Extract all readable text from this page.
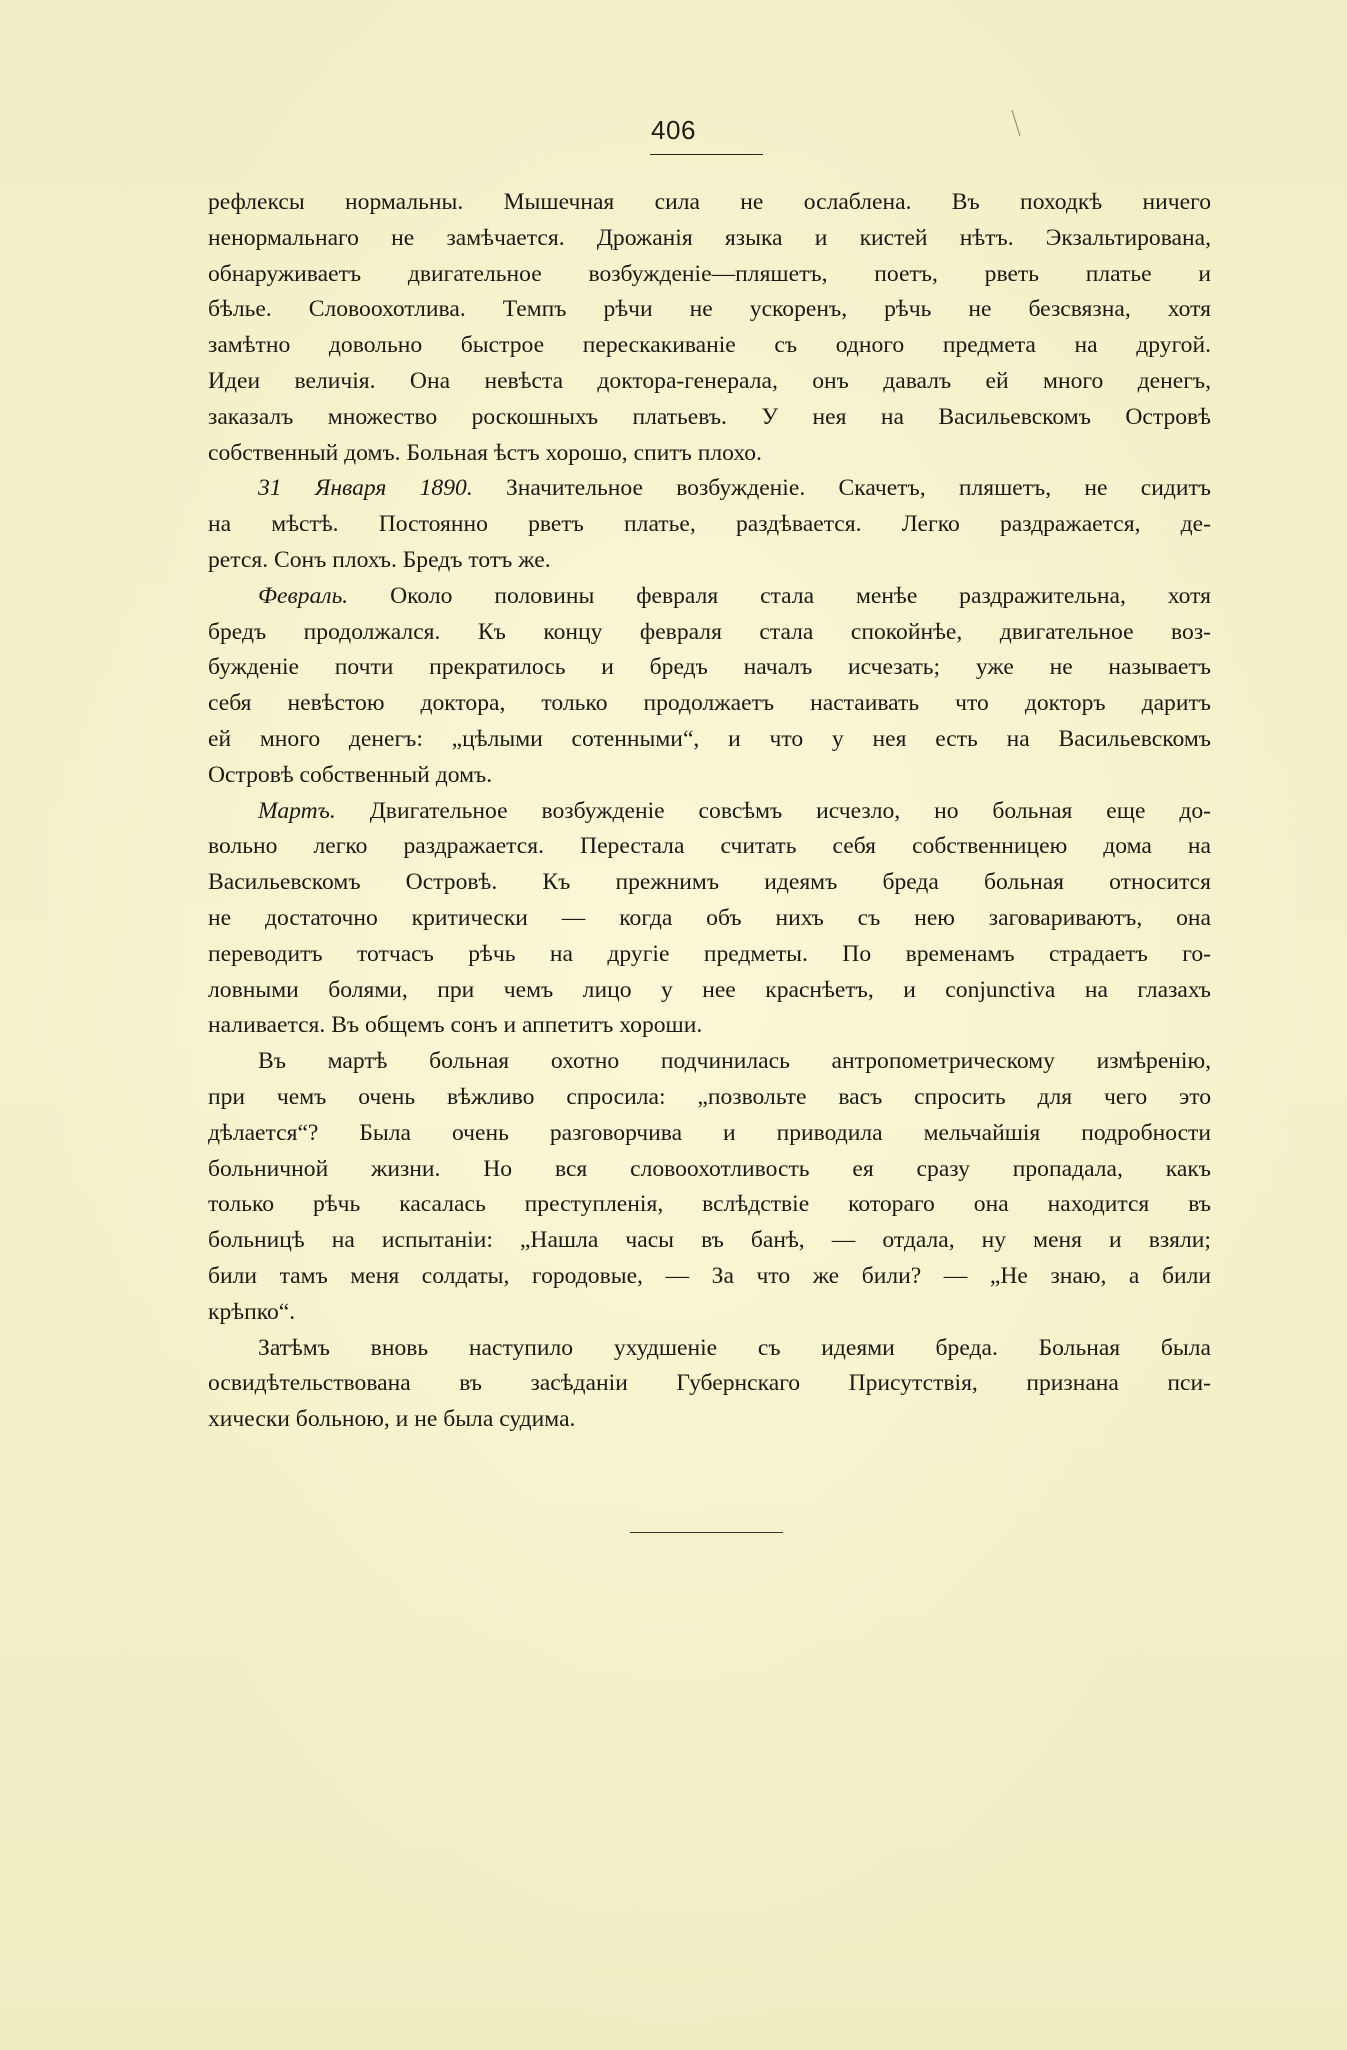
406
рефлексы нормальны. Мышечная сила не ослаблена. Въ походкѣ ничего
ненормальнаго не замѣчается. Дрожанія языка и кистей нѣтъ. Экзальтирована,
обнаруживаетъ двигательное возбужденіе—пляшетъ, поетъ, рветь платье и
бѣлье. Словоохотлива. Темпъ рѣчи не ускоренъ, рѣчь не безсвязна, хотя
замѣтно довольно быстрое перескакиваніе съ одного предмета на другой.
Идеи величія. Она невѣста доктора-генерала, онъ давалъ ей много денегъ,
заказалъ множество роскошныхъ платьевъ. У нея на Васильевскомъ Островѣ
собственный домъ. Больная ѣстъ хорошо, спитъ плохо.
31 Января 1890. Значительное возбужденіе. Скачетъ, пляшетъ, не сидитъ
на мѣстѣ. Постоянно рветъ платье, раздѣвается. Легко раздражается, де-
рется. Сонъ плохъ. Бредъ тотъ же.
Февраль. Около половины февраля стала менѣе раздражительна, хотя
бредъ продолжался. Къ концу февраля стала спокойнѣе, двигательное воз-
бужденіе почти прекратилось и бредъ началъ исчезать; уже не называетъ
себя невѣстою доктора, только продолжаетъ настаивать что докторъ даритъ
ей много денегъ: „цѣлыми сотенными“, и что у нея есть на Васильевскомъ
Островѣ собственный домъ.
Мартъ. Двигательное возбужденіе совсѣмъ исчезло, но больная еще до-
вольно легко раздражается. Перестала считать себя собственницею дома на
Васильевскомъ Островѣ. Къ прежнимъ идеямъ бреда больная относится
не достаточно критически — когда объ нихъ съ нею заговариваютъ, она
переводитъ тотчасъ рѣчь на другіе предметы. По временамъ страдаетъ го-
ловными болями, при чемъ лицо у нее краснѣетъ, и conjunctiva на глазахъ
наливается. Въ общемъ сонъ и аппетитъ хороши.
Въ мартѣ больная охотно подчинилась антропометрическому измѣренію,
при чемъ очень вѣжливо спросила: „позвольте васъ спросить для чего это
дѣлается“? Была очень разговорчива и приводила мельчайшія подробности
больничной жизни. Но вся словоохотливость ея сразу пропадала, какъ
только рѣчь касалась преступленія, вслѣдствіе котораго она находится въ
больницѣ на испытаніи: „Нашла часы въ банѣ, — отдала, ну меня и взяли;
били тамъ меня солдаты, городовые, — За что же били? — „Не знаю, а били
крѣпко“.
Затѣмъ вновь наступило ухудшеніе съ идеями бреда. Больная была
освидѣтельствована въ засѣданіи Губернскаго Присутствія, признана пси-
хически больною, и не была судима.
